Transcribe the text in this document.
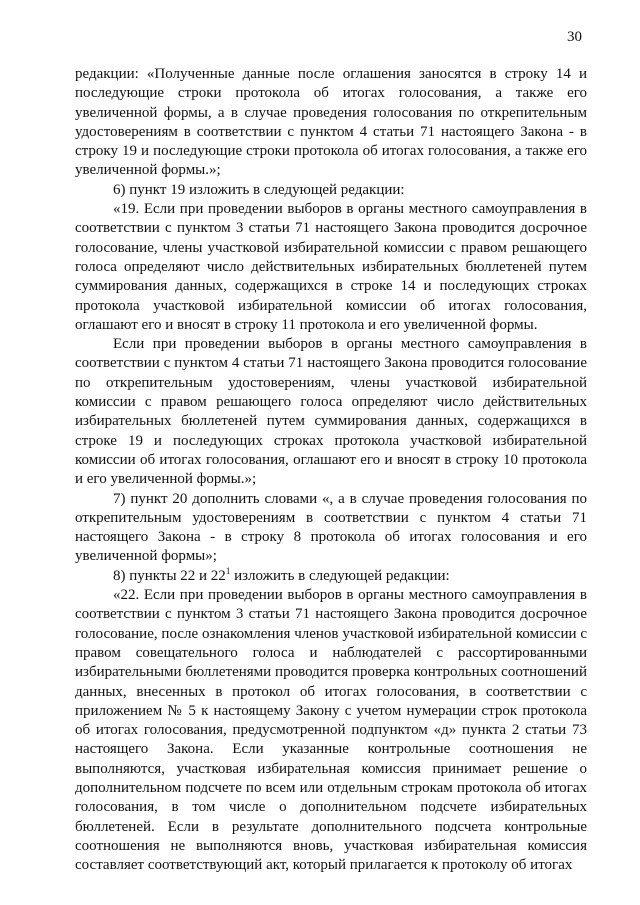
30

редакции: «Полученные данные после оглашения заносятся в строку 14 и последующие строки протокола об итогах голосования, а также его увеличенной формы, а в случае проведения голосования по открепительным удостоверениям в соответствии с пунктом 4 статьи 71 настоящего Закона - в строку 19 и последующие строки протокола об итогах голосования, а также его увеличенной формы.»;

6) пункт 19 изложить в следующей редакции:

«19. Если при проведении выборов в органы местного самоуправления в соответствии с пунктом 3 статьи 71 настоящего Закона проводится досрочное голосование, члены участковой избирательной комиссии с правом решающего голоса определяют число действительных избирательных бюллетеней путем суммирования данных, содержащихся в строке 14 и последующих строках протокола участковой избирательной комиссии об итогах голосования, оглашают его и вносят в строку 11 протокола и его увеличенной формы.

Если при проведении выборов в органы местного самоуправления в соответствии с пунктом 4 статьи 71 настоящего Закона проводится голосование по открепительным удостоверениям, члены участковой избирательной комиссии с правом решающего голоса определяют число действительных избирательных бюллетеней путем суммирования данных, содержащихся в строке 19 и последующих строках протокола участковой избирательной комиссии об итогах голосования, оглашают его и вносят в строку 10 протокола и его увеличенной формы.»;

7) пункт 20 дополнить словами «, а в случае проведения голосования по открепительным удостоверениям в соответствии с пунктом 4 статьи 71 настоящего Закона - в строку 8 протокола об итогах голосования и его увеличенной формы»;

8) пункты 22 и $22^1$ изложить в следующей редакции:

«22. Если при проведении выборов в органы местного самоуправления в соответствии с пунктом 3 статьи 71 настоящего Закона проводится досрочное голосование, после ознакомления членов участковой избирательной комиссии с правом совещательного голоса и наблюдателей с рассортированными избирательными бюллетенями проводится проверка контрольных соотношений данных, внесенных в протокол об итогах голосования, в соответствии с приложением № 5 к настоящему Закону с учетом нумерации строк протокола об итогах голосования, предусмотренной подпунктом «д» пункта 2 статьи 73 настоящего Закона. Если указанные контрольные соотношения не выполняются, участковая избирательная комиссия принимает решение о дополнительном подсчете по всем или отдельным строкам протокола об итогах голосования, в том числе о дополнительном подсчете избирательных бюллетеней. Если в результате дополнительного подсчета контрольные соотношения не выполняются вновь, участковая избирательная комиссия составляет соответствующий акт, который прилагается к протоколу об итогах
